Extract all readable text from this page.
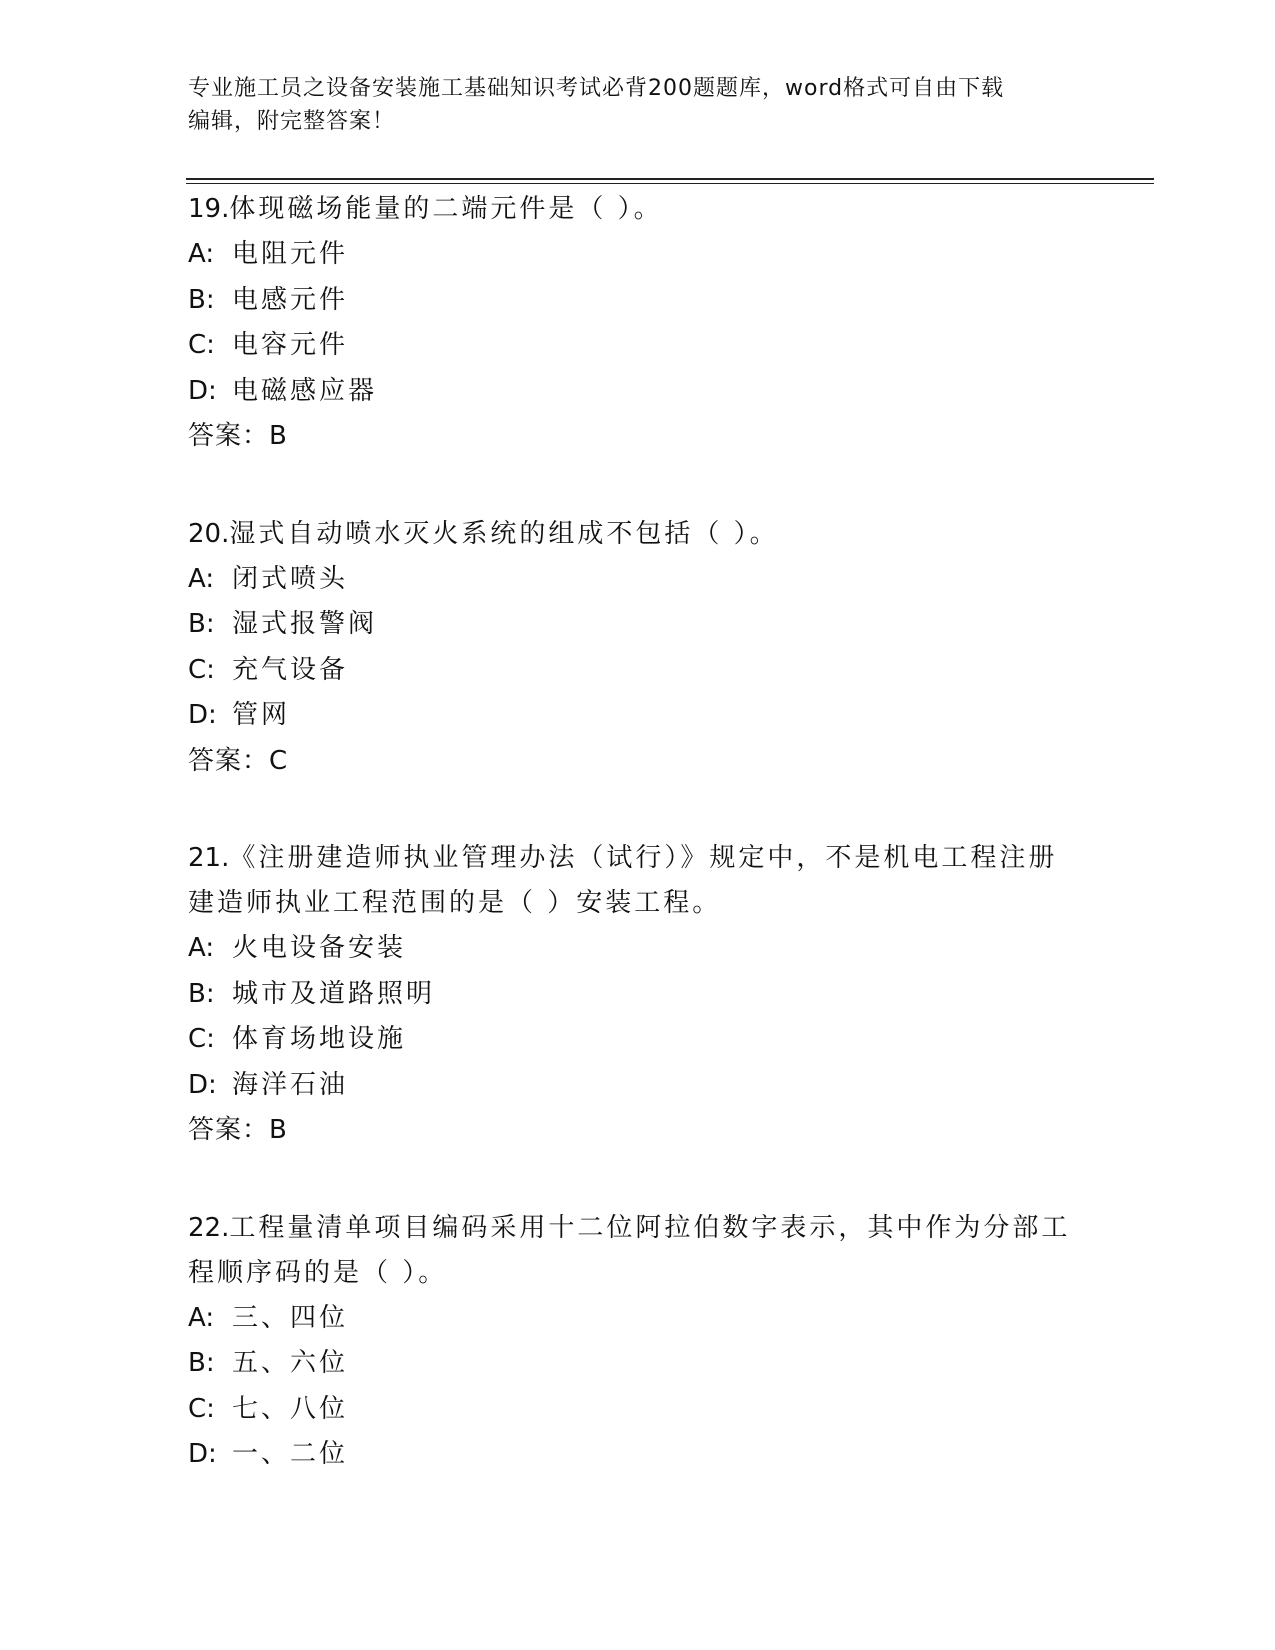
专业施工员之设备安装施工基础知识考试必背200题题库，word格式可自由下载
编辑，附完整答案！
19.体现磁场能量的二端元件是（ ）。
A: 电阻元件
B: 电感元件
C: 电容元件
D: 电磁感应器
答案：B
20.湿式自动喷水灭火系统的组成不包括（ ）。
A: 闭式喷头
B: 湿式报警阀
C: 充气设备
D: 管网
答案：C
21.《注册建造师执业管理办法（试行）》规定中，不是机电工程注册
建造师执业工程范围的是（ ）安装工程。
A: 火电设备安装
B: 城市及道路照明
C: 体育场地设施
D: 海洋石油
答案：B
22.工程量清单项目编码采用十二位阿拉伯数字表示，其中作为分部工
程顺序码的是（ ）。
A: 三、四位
B: 五、六位
C: 七、八位
D: 一、二位
